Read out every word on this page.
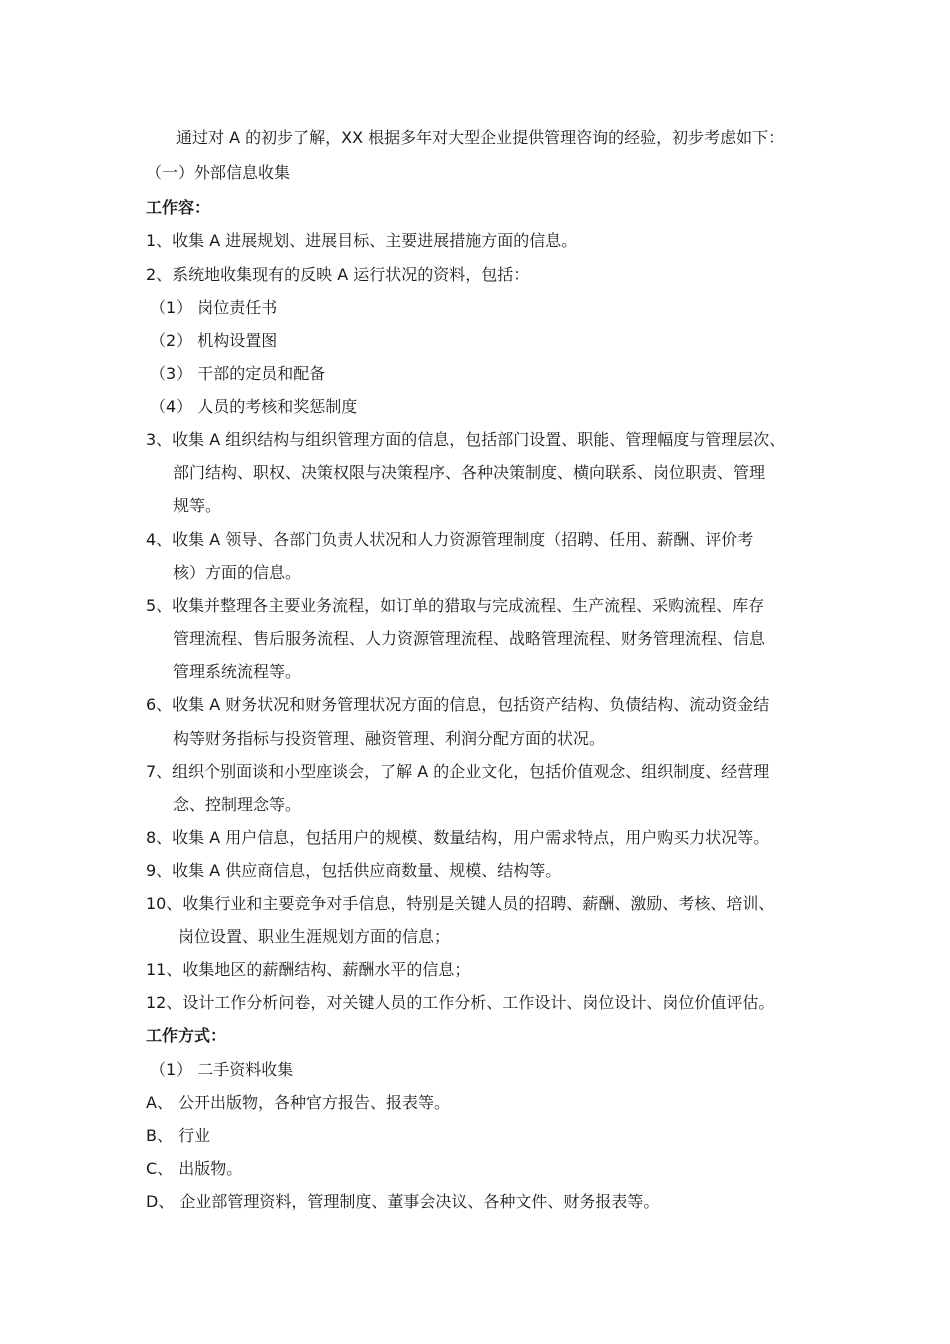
通过对 A 的初步了解，XX 根据多年对大型企业提供管理咨询的经验，初步考虑如下：
（一）外部信息收集
工作容：
1、收集 A 进展规划、进展目标、主要进展措施方面的信息。
2、系统地收集现有的反映 A 运行状况的资料，包括：
（1） 岗位责任书
（2） 机构设置图
（3） 干部的定员和配备
（4） 人员的考核和奖惩制度
3、收集 A 组织结构与组织管理方面的信息，包括部门设置、职能、管理幅度与管理层次、
部门结构、职权、决策权限与决策程序、各种决策制度、横向联系、岗位职责、管理
规等。
4、收集 A 领导、各部门负责人状况和人力资源管理制度（招聘、任用、薪酬、评价考
核）方面的信息。
5、收集并整理各主要业务流程，如订单的猎取与完成流程、生产流程、采购流程、库存
管理流程、售后服务流程、人力资源管理流程、战略管理流程、财务管理流程、信息
管理系统流程等。
6、收集 A 财务状况和财务管理状况方面的信息，包括资产结构、负债结构、流动资金结
构等财务指标与投资管理、融资管理、利润分配方面的状况。
7、组织个别面谈和小型座谈会，了解 A 的企业文化，包括价值观念、组织制度、经营理
念、控制理念等。
8、收集 A 用户信息，包括用户的规模、数量结构，用户需求特点，用户购买力状况等。
9、收集 A 供应商信息，包括供应商数量、规模、结构等。
10、收集行业和主要竞争对手信息，特别是关键人员的招聘、薪酬、激励、考核、培训、
岗位设置、职业生涯规划方面的信息；
11、收集地区的薪酬结构、薪酬水平的信息；
12、设计工作分析问卷，对关键人员的工作分析、工作设计、岗位设计、岗位价值评估。
工作方式：
（1） 二手资料收集
A、 公开出版物，各种官方报告、报表等。
B、 行业
C、 出版物。
D、 企业部管理资料，管理制度、董事会决议、各种文件、财务报表等。
